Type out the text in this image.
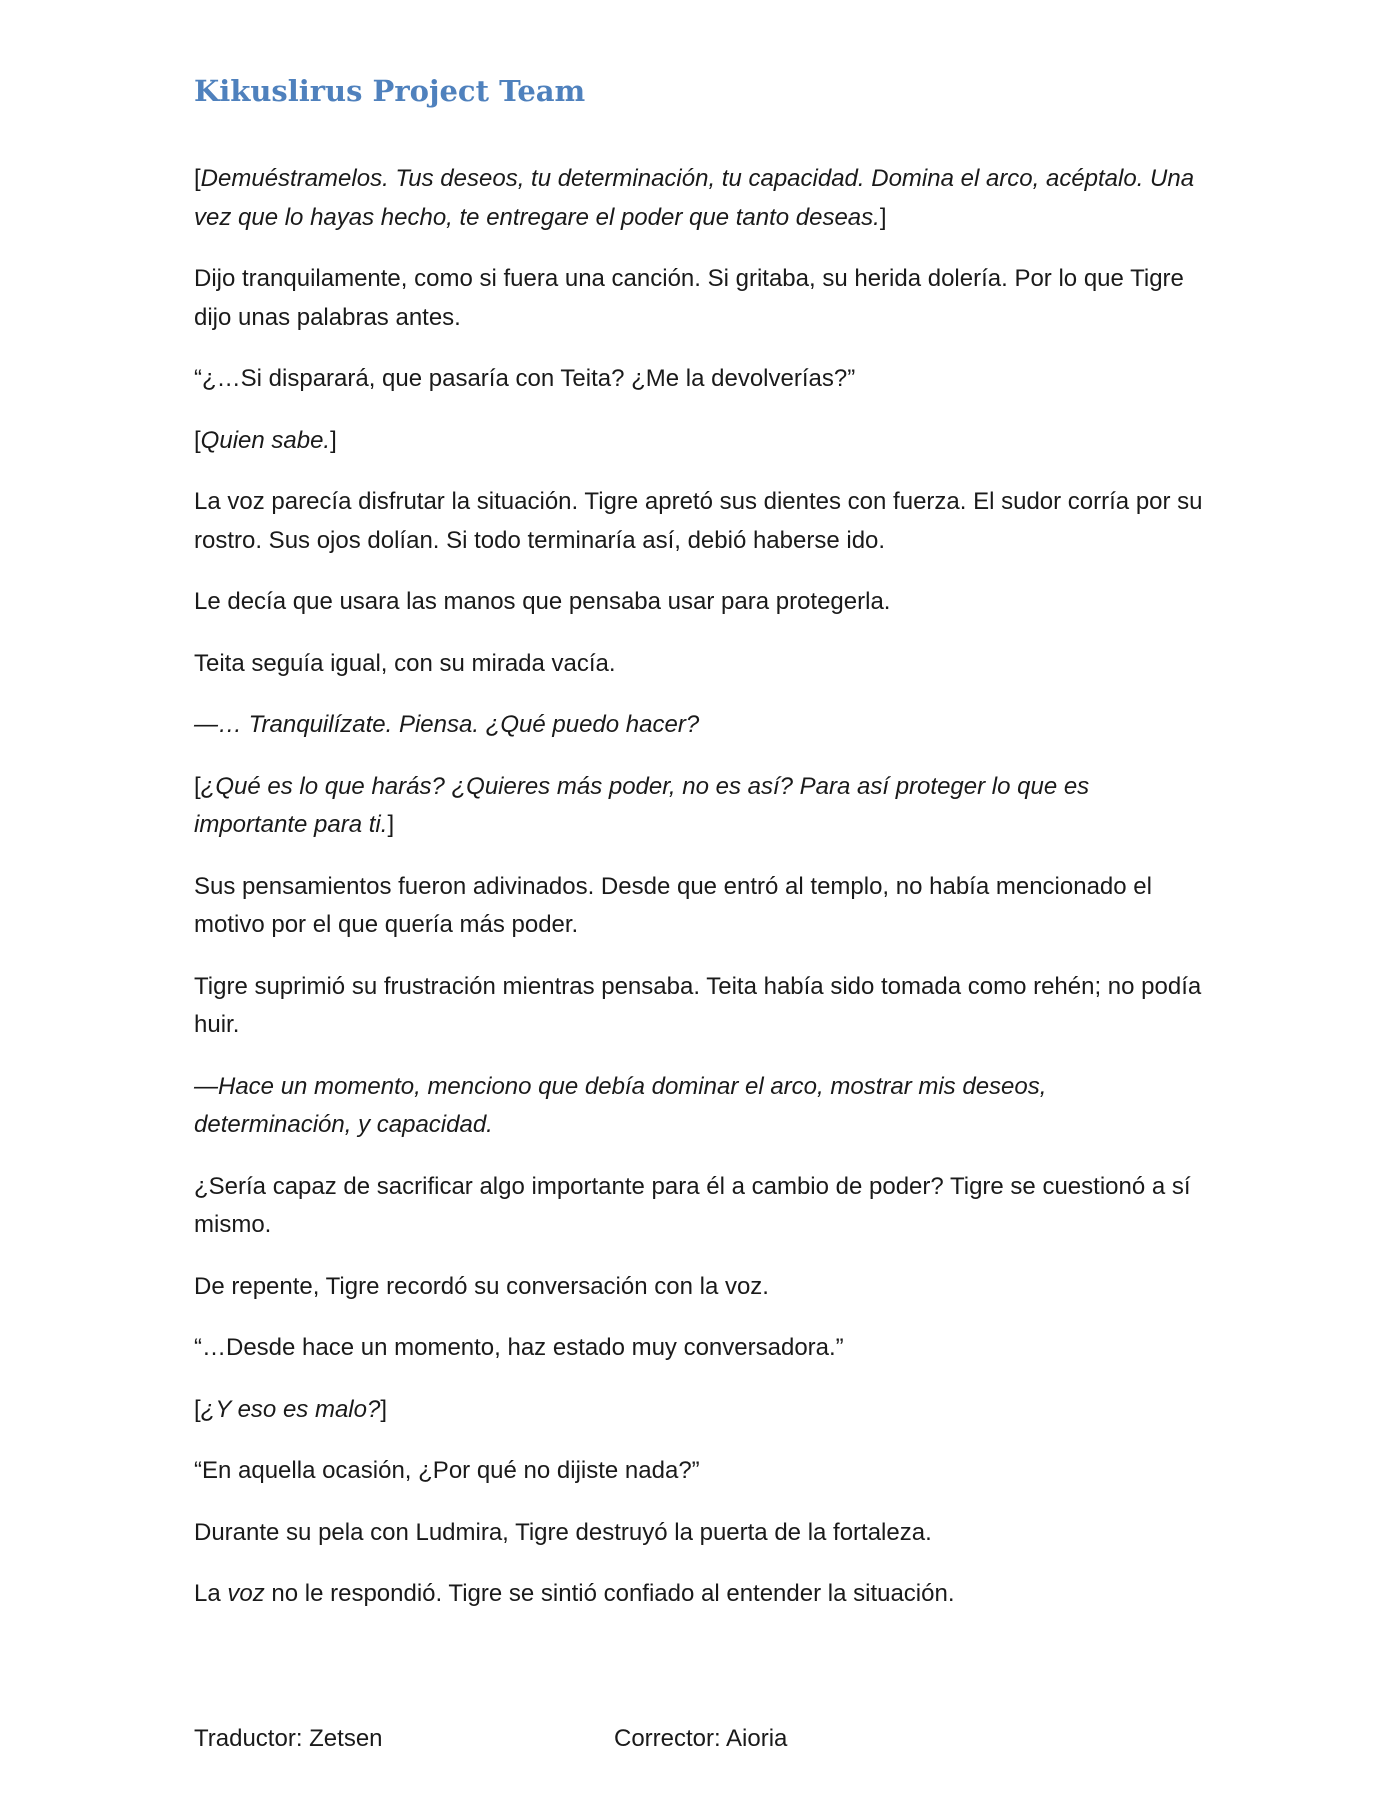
Kikuslirus Project Team

[Demuéstramelos. Tus deseos, tu determinación, tu capacidad. Domina el arco, acéptalo. Una vez que lo hayas hecho, te entregare el poder que tanto deseas.]

Dijo tranquilamente, como si fuera una canción. Si gritaba, su herida dolería. Por lo que Tigre dijo unas palabras antes.

“¿…Si disparará, que pasaría con Teita? ¿Me la devolverías?”

[Quien sabe.]

La voz parecía disfrutar la situación. Tigre apretó sus dientes con fuerza. El sudor corría por su rostro. Sus ojos dolían. Si todo terminaría así, debió haberse ido.

Le decía que usara las manos que pensaba usar para protegerla.

Teita seguía igual, con su mirada vacía.

—… Tranquilízate. Piensa. ¿Qué puedo hacer?

[¿Qué es lo que harás? ¿Quieres más poder, no es así? Para así proteger lo que es importante para ti.]

Sus pensamientos fueron adivinados. Desde que entró al templo, no había mencionado el motivo por el que quería más poder.

Tigre suprimió su frustración mientras pensaba. Teita había sido tomada como rehén; no podía huir.

—Hace un momento, menciono que debía dominar el arco, mostrar mis deseos, determinación, y capacidad.

¿Sería capaz de sacrificar algo importante para él a cambio de poder? Tigre se cuestionó a sí mismo.

De repente, Tigre recordó su conversación con la voz.

“…Desde hace un momento, haz estado muy conversadora.”

[¿Y eso es malo?]

“En aquella ocasión, ¿Por qué no dijiste nada?”

Durante su pela con Ludmira, Tigre destruyó la puerta de la fortaleza.

La voz no le respondió. Tigre se sintió confiado al entender la situación.

Traductor: Zetsen	Corrector: Aioria
